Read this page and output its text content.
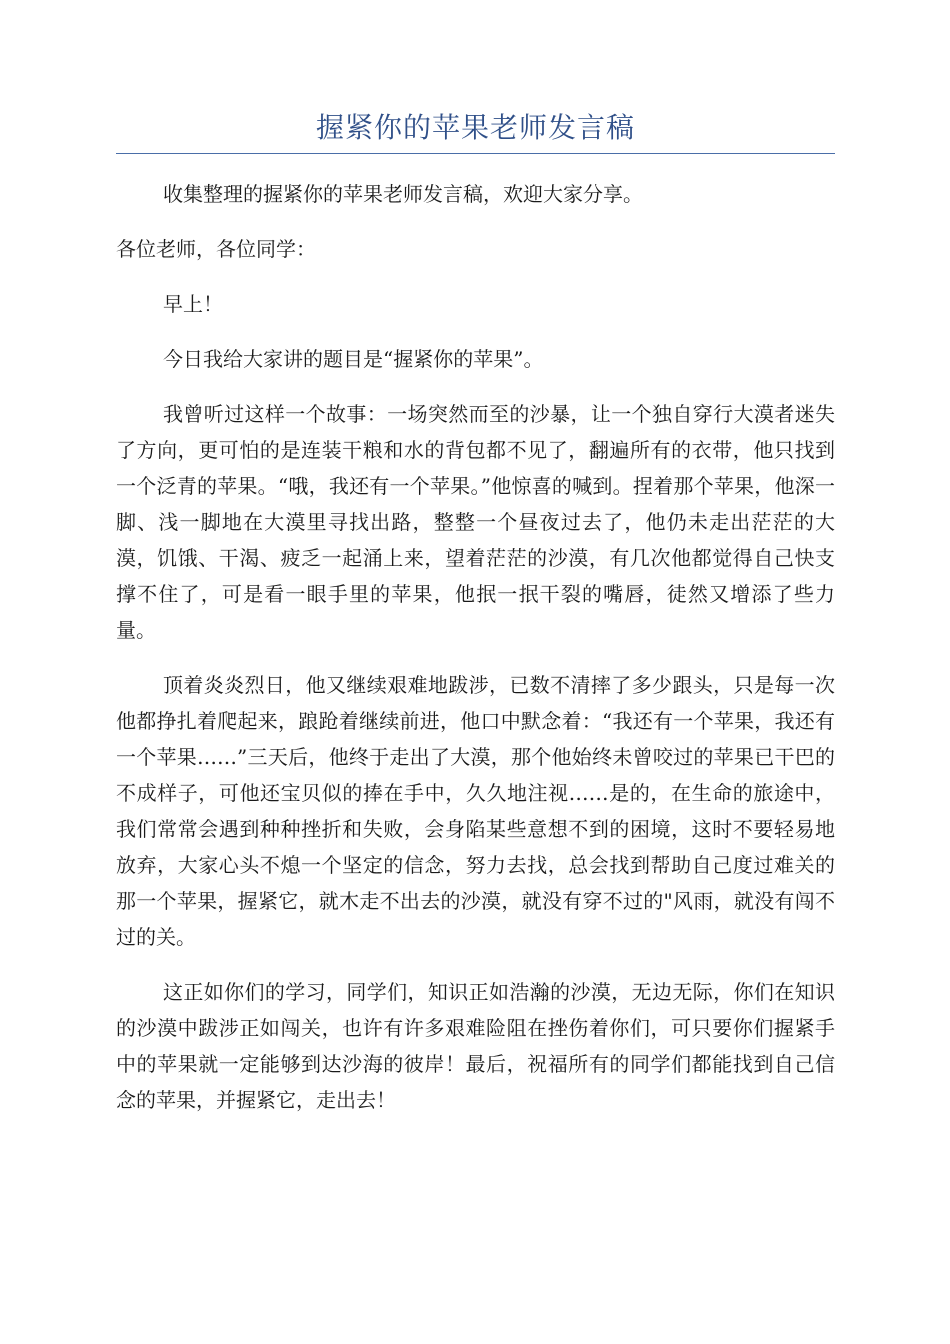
握紧你的苹果老师发言稿

收集整理的握紧你的苹果老师发言稿，欢迎大家分享。

各位老师，各位同学：

早上！

今日我给大家讲的题目是“握紧你的苹果”。

我曾听过这样一个故事：一场突然而至的沙暴，让一个独自穿行大漠者迷失了方向，更可怕的是连装干粮和水的背包都不见了，翻遍所有的衣带，他只找到一个泛青的苹果。“哦，我还有一个苹果。”他惊喜的喊到。捏着那个苹果，他深一脚、浅一脚地在大漠里寻找出路，整整一个昼夜过去了，他仍未走出茫茫的大漠，饥饿、干渴、疲乏一起涌上来，望着茫茫的沙漠，有几次他都觉得自己快支撑不住了，可是看一眼手里的苹果，他抿一抿干裂的嘴唇，徒然又增添了些力量。

顶着炎炎烈日，他又继续艰难地跋涉，已数不清摔了多少跟头，只是每一次他都挣扎着爬起来，踉跄着继续前进，他口中默念着：“我还有一个苹果，我还有一个苹果……”三天后，他终于走出了大漠，那个他始终未曾咬过的苹果已干巴的不成样子，可他还宝贝似的捧在手中，久久地注视……是的，在生命的旅途中，我们常常会遇到种种挫折和失败，会身陷某些意想不到的困境，这时不要轻易地放弃，大家心头不熄一个坚定的信念，努力去找，总会找到帮助自己度过难关的那一个苹果，握紧它，就木走不出去的沙漠，就没有穿不过的"风雨，就没有闯不过的关。

这正如你们的学习，同学们，知识正如浩瀚的沙漠，无边无际，你们在知识的沙漠中跋涉正如闯关，也许有许多艰难险阻在挫伤着你们，可只要你们握紧手中的苹果就一定能够到达沙海的彼岸！最后，祝福所有的同学们都能找到自己信念的苹果，并握紧它，走出去！
